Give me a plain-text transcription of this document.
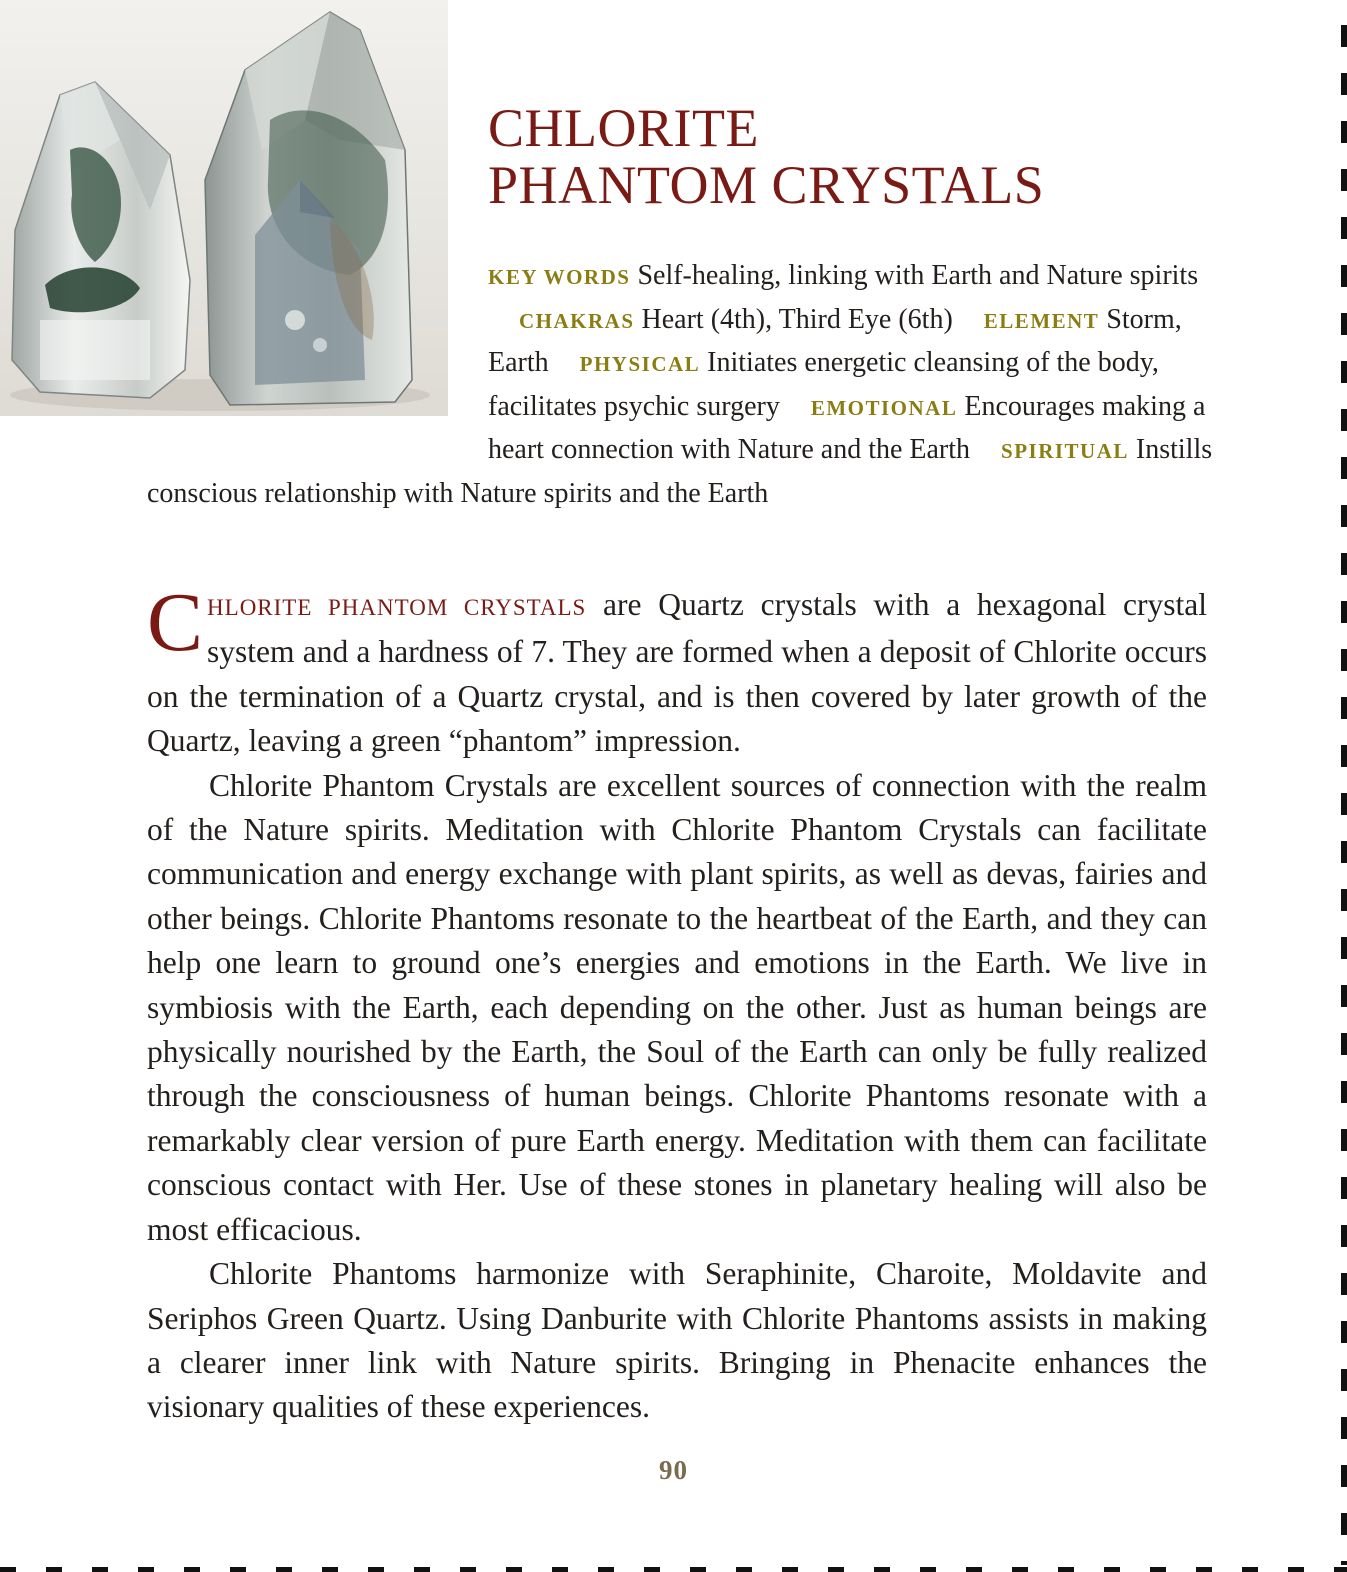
CHLORITE
PHANTOM CRYSTALS
KEY WORDS Self-healing, linking with Earth and Nature spirits CHAKRAS Heart (4th), Third Eye (6th) ELEMENT Storm, Earth PHYSICAL Initiates energetic cleansing of the body, facilitates psychic surgery EMOTIONAL Encourages making a heart connection with Nature and the Earth SPIRITUAL Instills conscious relationship with Nature spirits and the Earth

CHLORITE PHANTOM CRYSTALS are Quartz crystals with a hexagonal crystal system and a hardness of 7. They are formed when a deposit of Chlorite occurs on the termination of a Quartz crystal, and is then covered by later growth of the Quartz, leaving a green “phantom” impression.

Chlorite Phantom Crystals are excellent sources of connection with the realm of the Nature spirits. Meditation with Chlorite Phantom Crystals can facilitate communication and energy exchange with plant spirits, as well as devas, fairies and other beings. Chlorite Phantoms resonate to the heartbeat of the Earth, and they can help one learn to ground one’s energies and emotions in the Earth. We live in symbiosis with the Earth, each depending on the other. Just as human beings are physically nourished by the Earth, the Soul of the Earth can only be fully realized through the consciousness of human beings. Chlorite Phantoms resonate with a remarkably clear version of pure Earth energy. Meditation with them can facilitate conscious contact with Her. Use of these stones in planetary healing will also be most efficacious.

Chlorite Phantoms harmonize with Seraphinite, Charoite, Moldavite and Seriphos Green Quartz. Using Danburite with Chlorite Phantoms assists in making a clearer inner link with Nature spirits. Bringing in Phenacite enhances the visionary qualities of these experiences.

90
